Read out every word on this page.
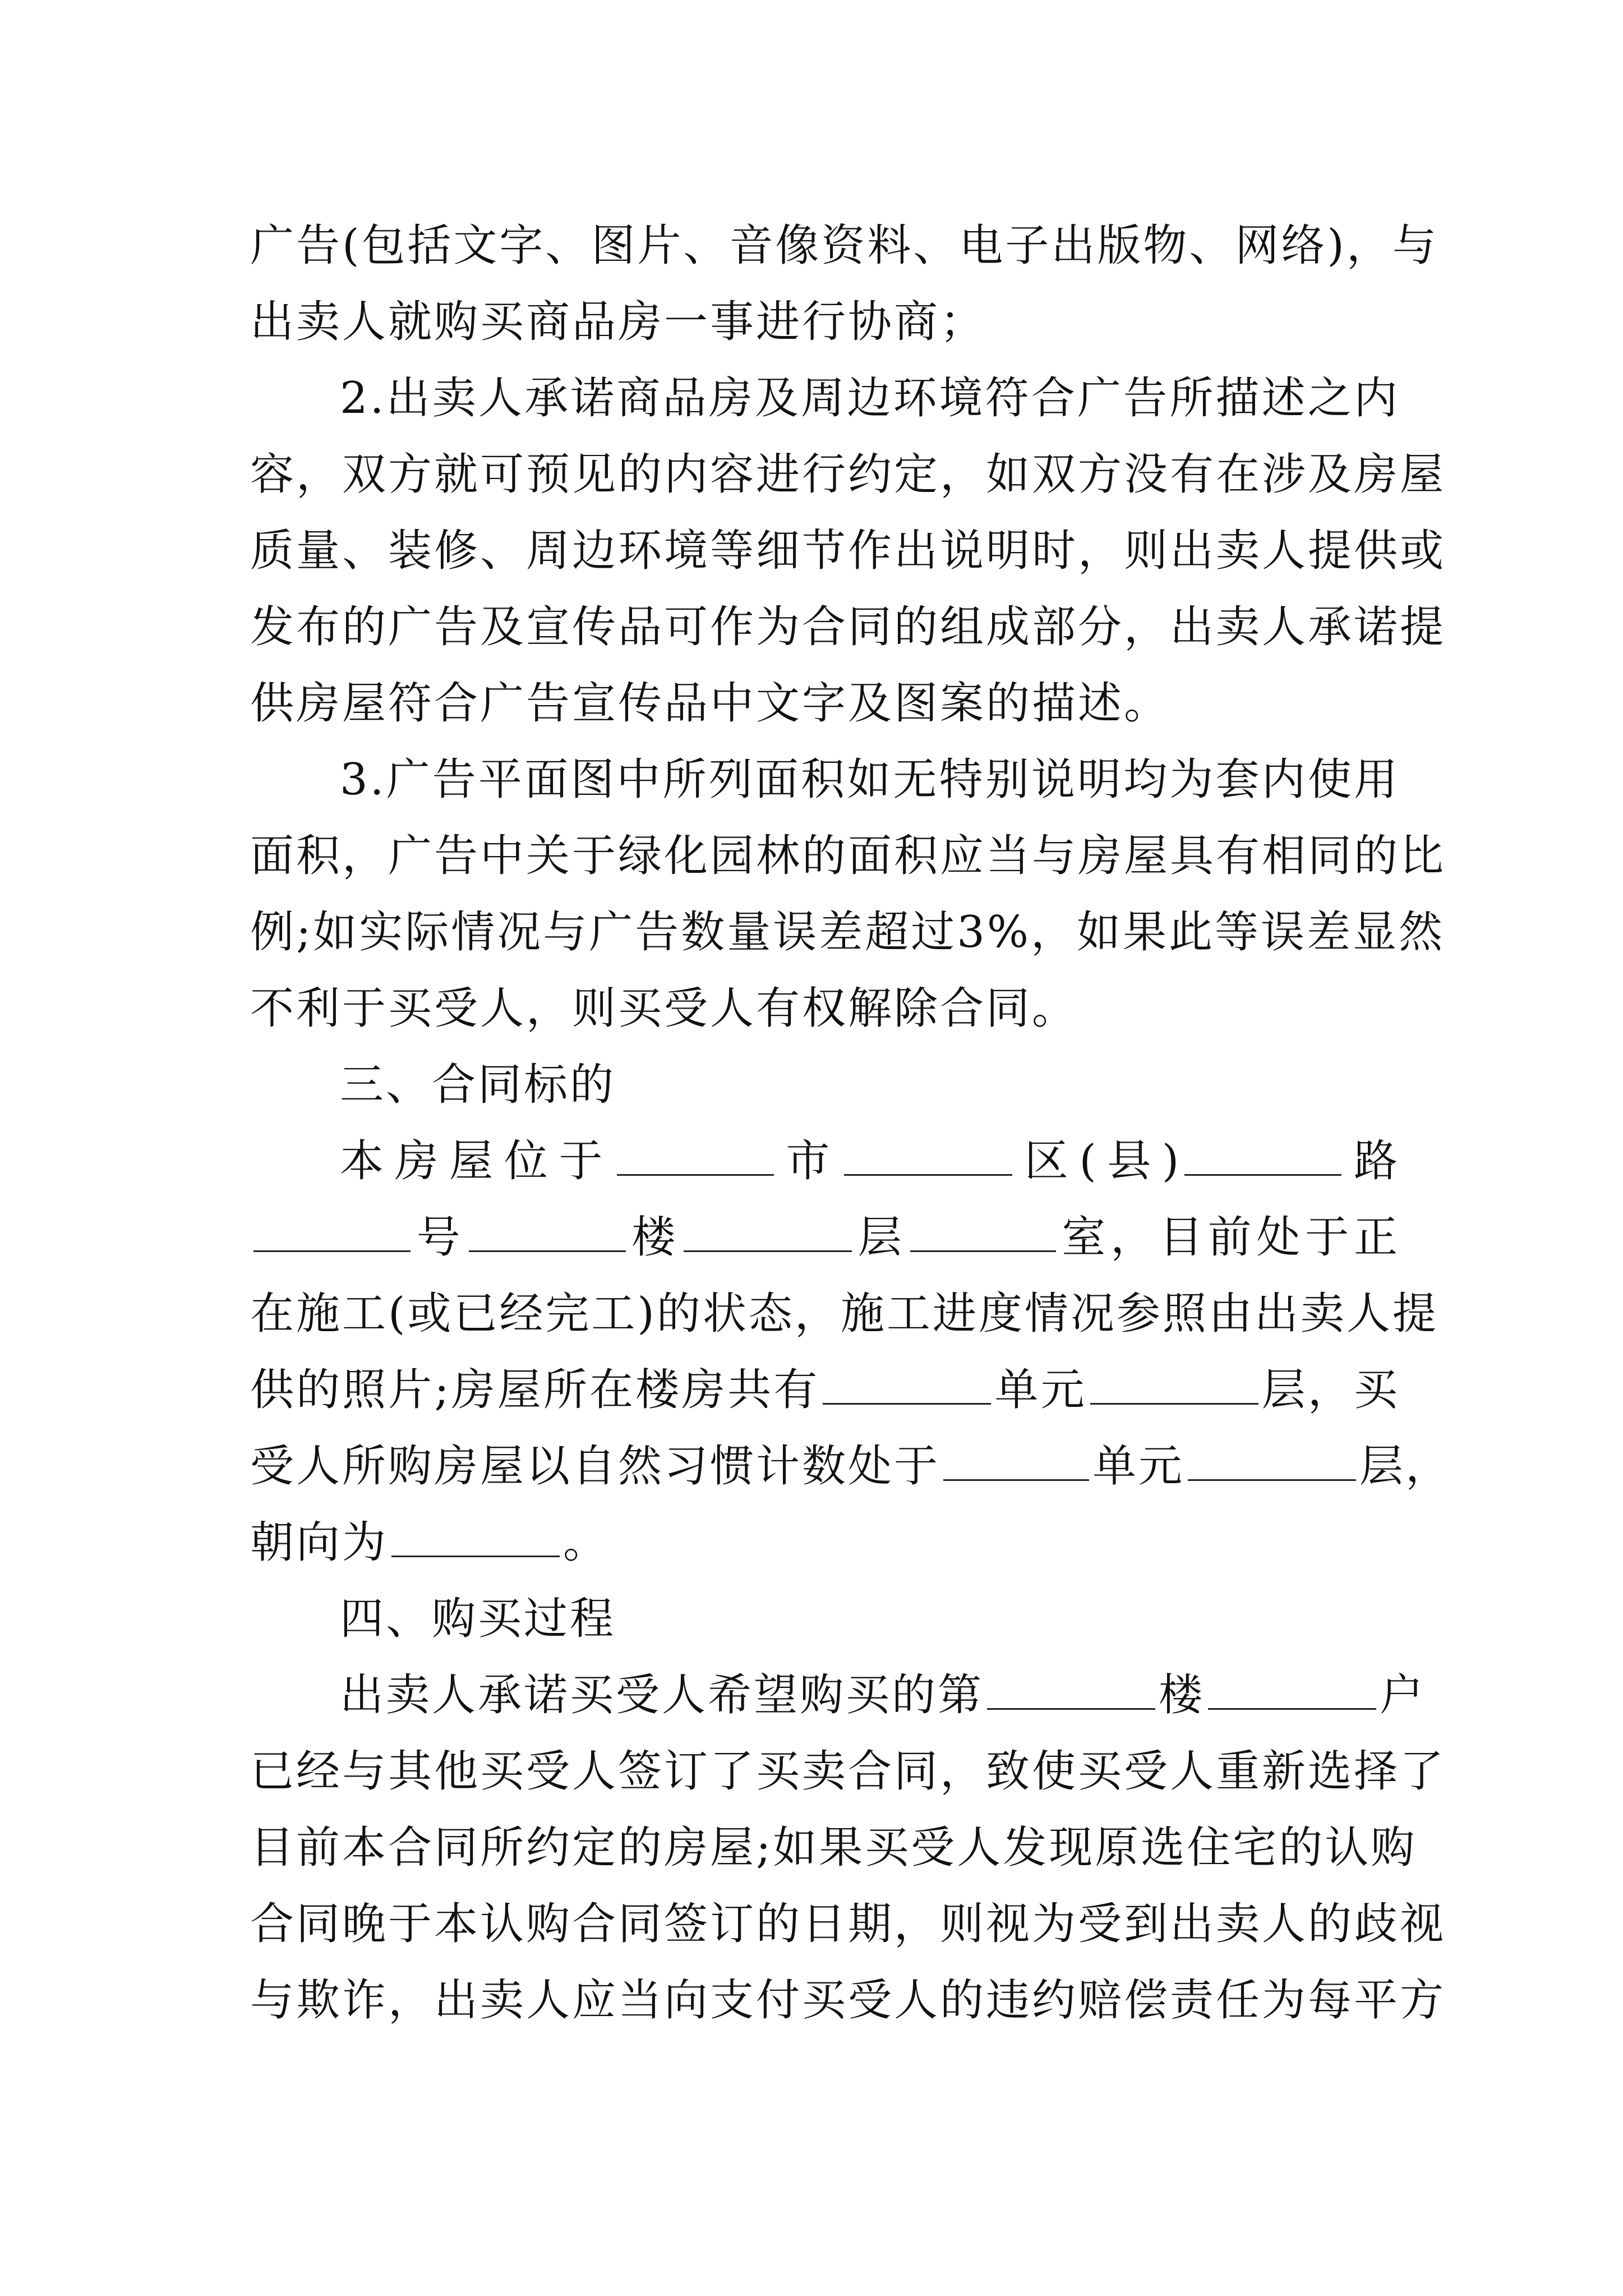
广告(包括文字、图片、音像资料、电子出版物、网络)，与
出卖人就购买商品房一事进行协商；
2.出卖人承诺商品房及周边环境符合广告所描述之内
容，双方就可预见的内容进行约定，如双方没有在涉及房屋
质量、装修、周边环境等细节作出说明时，则出卖人提供或
发布的广告及宣传品可作为合同的组成部分，出卖人承诺提
供房屋符合广告宣传品中文字及图案的描述。
3.广告平面图中所列面积如无特别说明均为套内使用
面积，广告中关于绿化园林的面积应当与房屋具有相同的比
例;如实际情况与广告数量误差超过3%，如果此等误差显然
不利于买受人，则买受人有权解除合同。
三、合同标的
本房屋位于	市	区(县)	路
号	楼	层	室，目前处于正
在施工(或已经完工)的状态，施工进度情况参照由出卖人提
供的照片;房屋所在楼房共有	单元	层，买
受人所购房屋以自然习惯计数处于	单元	层，
朝向为	。
四、购买过程
出卖人承诺买受人希望购买的第	楼	户
已经与其他买受人签订了买卖合同，致使买受人重新选择了
目前本合同所约定的房屋;如果买受人发现原选住宅的认购
合同晚于本认购合同签订的日期，则视为受到出卖人的歧视
与欺诈，出卖人应当向支付买受人的违约赔偿责任为每平方
